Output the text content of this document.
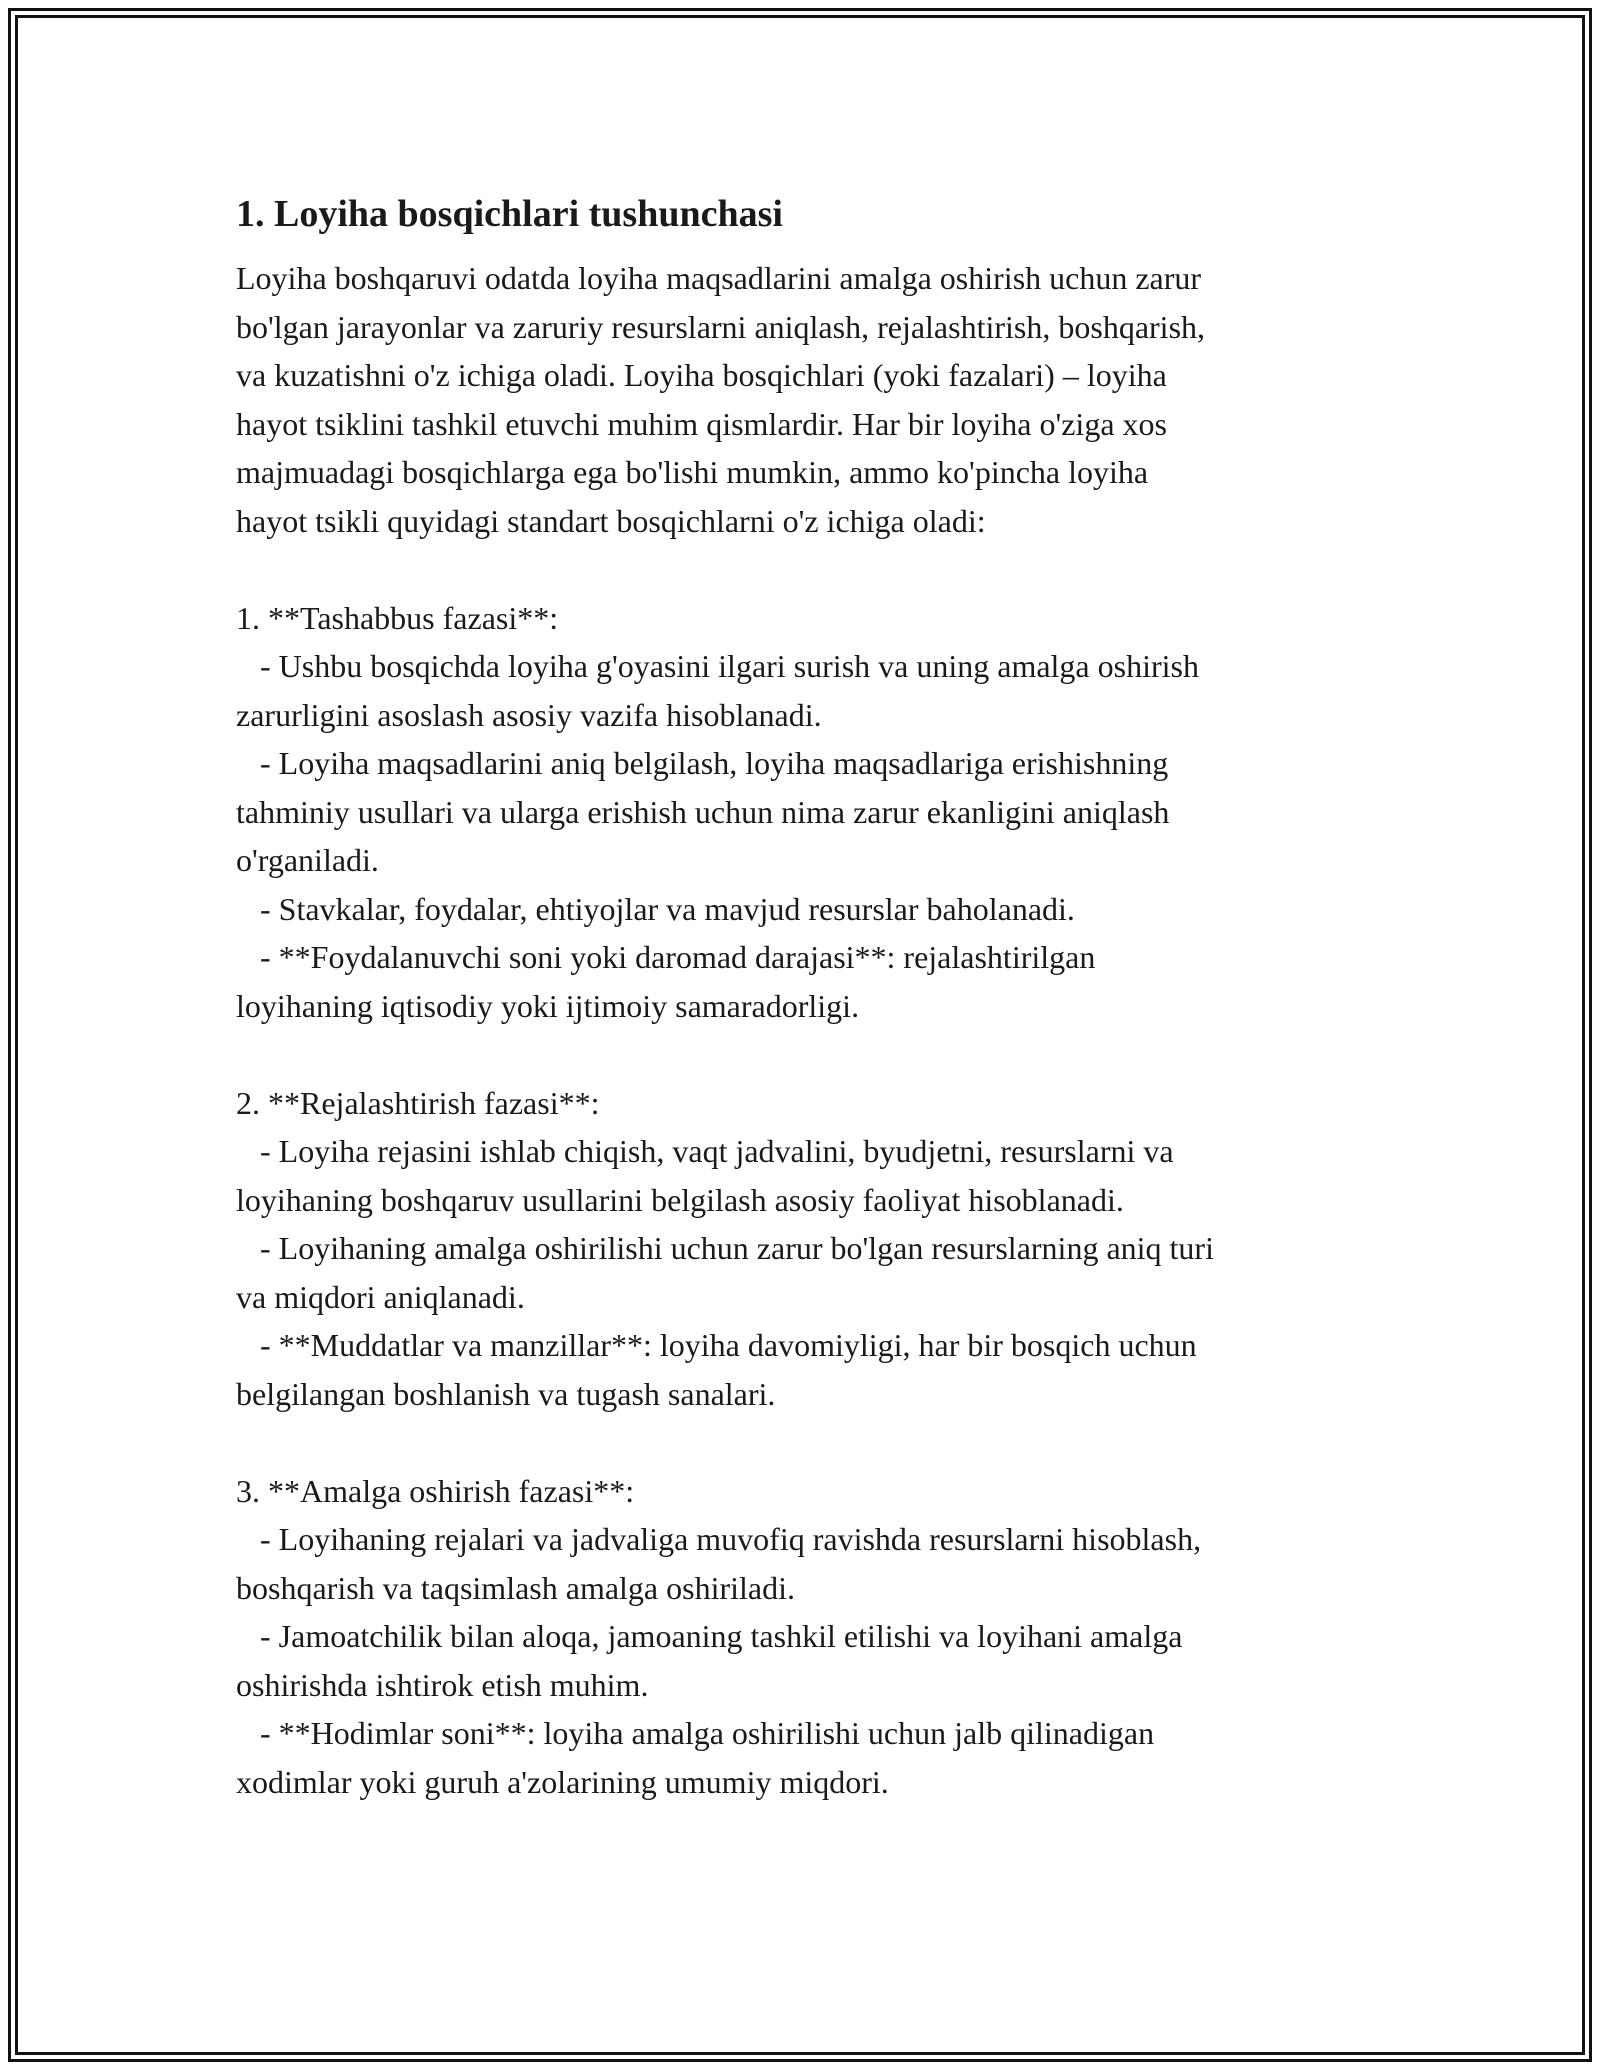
1. Loyiha bosqichlari tushunchasi
Loyiha boshqaruvi odatda loyiha maqsadlarini amalga oshirish uchun zarur
bo'lgan jarayonlar va zaruriy resurslarni aniqlash, rejalashtirish, boshqarish,
va kuzatishni o'z ichiga oladi. Loyiha bosqichlari (yoki fazalari) – loyiha
hayot tsiklini tashkil etuvchi muhim qismlardir. Har bir loyiha o'ziga xos
majmuadagi bosqichlarga ega bo'lishi mumkin, ammo ko'pincha loyiha
hayot tsikli quyidagi standart bosqichlarni o'z ichiga oladi:
1. **Tashabbus fazasi**:
- Ushbu bosqichda loyiha g'oyasini ilgari surish va uning amalga oshirish
zarurligini asoslash asosiy vazifa hisoblanadi.
- Loyiha maqsadlarini aniq belgilash, loyiha maqsadlariga erishishning
tahminiy usullari va ularga erishish uchun nima zarur ekanligini aniqlash
o'rganiladi.
- Stavkalar, foydalar, ehtiyojlar va mavjud resurslar baholanadi.
- **Foydalanuvchi soni yoki daromad darajasi**: rejalashtirilgan
loyihaning iqtisodiy yoki ijtimoiy samaradorligi.
2. **Rejalashtirish fazasi**:
- Loyiha rejasini ishlab chiqish, vaqt jadvalini, byudjetni, resurslarni va
loyihaning boshqaruv usullarini belgilash asosiy faoliyat hisoblanadi.
- Loyihaning amalga oshirilishi uchun zarur bo'lgan resurslarning aniq turi
va miqdori aniqlanadi.
- **Muddatlar va manzillar**: loyiha davomiyligi, har bir bosqich uchun
belgilangan boshlanish va tugash sanalari.
3. **Amalga oshirish fazasi**:
- Loyihaning rejalari va jadvaliga muvofiq ravishda resurslarni hisoblash,
boshqarish va taqsimlash amalga oshiriladi.
- Jamoatchilik bilan aloqa, jamoaning tashkil etilishi va loyihani amalga
oshirishda ishtirok etish muhim.
- **Hodimlar soni**: loyiha amalga oshirilishi uchun jalb qilinadigan
xodimlar yoki guruh a'zolarining umumiy miqdori.
